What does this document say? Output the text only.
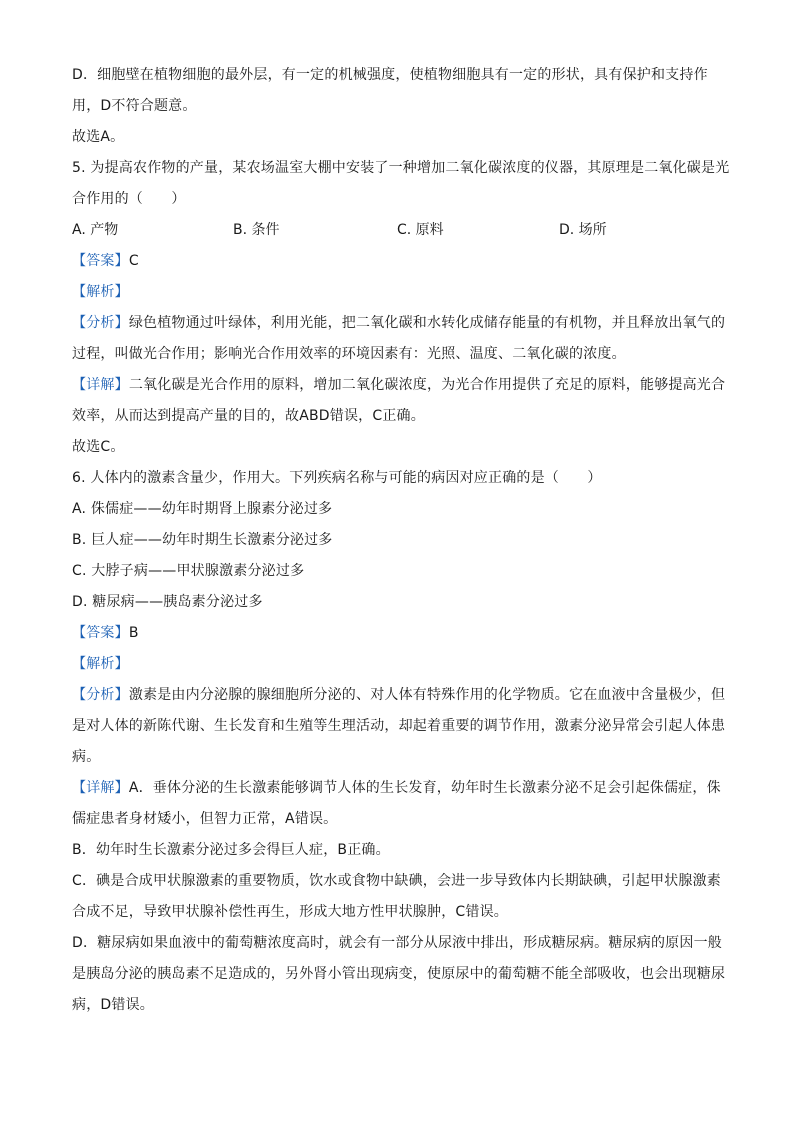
D．细胞壁在植物细胞的最外层，有一定的机械强度，使植物细胞具有一定的形状，具有保护和支持作
用，D不符合题意。
故选A。
5. 为提高农作物的产量，某农场温室大棚中安装了一种增加二氧化碳浓度的仪器，其原理是二氧化碳是光
合作用的（　　）
A. 产物	B. 条件	C. 原料	D. 场所
【答案】C
【解析】
【分析】绿色植物通过叶绿体，利用光能，把二氧化碳和水转化成储存能量的有机物，并且释放出氧气的
过程，叫做光合作用；影响光合作用效率的环境因素有：光照、温度、二氧化碳的浓度。
【详解】二氧化碳是光合作用的原料，增加二氧化碳浓度，为光合作用提供了充足的原料，能够提高光合
效率，从而达到提高产量的目的，故ABD错误，C正确。
故选C。
6. 人体内的激素含量少，作用大。下列疾病名称与可能的病因对应正确的是（　　）
A. 侏儒症——幼年时期肾上腺素分泌过多
B. 巨人症——幼年时期生长激素分泌过多
C. 大脖子病——甲状腺激素分泌过多
D. 糖尿病——胰岛素分泌过多
【答案】B
【解析】
【分析】激素是由内分泌腺的腺细胞所分泌的、对人体有特殊作用的化学物质。它在血液中含量极少，但
是对人体的新陈代谢、生长发育和生殖等生理活动，却起着重要的调节作用，激素分泌异常会引起人体患
病。
【详解】A．垂体分泌的生长激素能够调节人体的生长发育，幼年时生长激素分泌不足会引起侏儒症，侏
儒症患者身材矮小，但智力正常，A错误。
B．幼年时生长激素分泌过多会得巨人症，B正确。
C．碘是合成甲状腺激素的重要物质，饮水或食物中缺碘，会进一步导致体内长期缺碘，引起甲状腺激素
合成不足，导致甲状腺补偿性再生，形成大地方性甲状腺肿，C错误。
D．糖尿病如果血液中的葡萄糖浓度高时，就会有一部分从尿液中排出，形成糖尿病。糖尿病的原因一般
是胰岛分泌的胰岛素不足造成的，另外肾小管出现病变，使原尿中的葡萄糖不能全部吸收，也会出现糖尿
病，D错误。
